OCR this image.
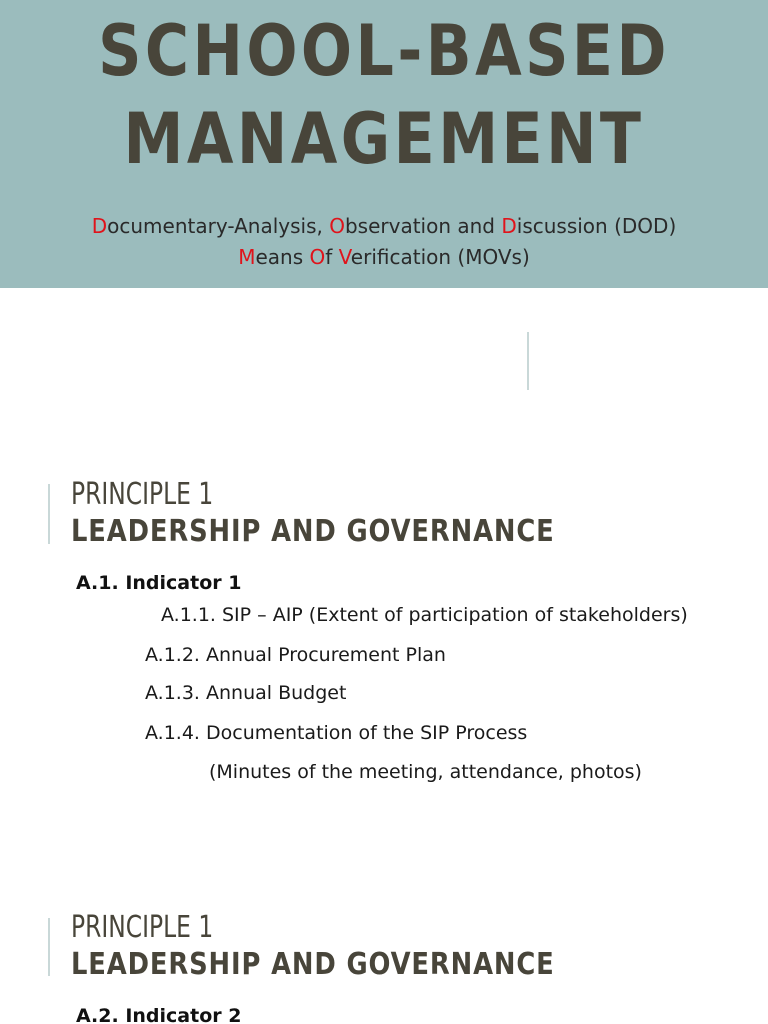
SCHOOL-BASED
MANAGEMENT
Documentary-Analysis, Observation and Discussion (DOD)
Means Of Verification (MOVs)
PRINCIPLE 1
LEADERSHIP AND GOVERNANCE
A.1. Indicator 1
A.1.1. SIP – AIP (Extent of participation of stakeholders)
A.1.2. Annual Procurement Plan
A.1.3. Annual Budget
A.1.4. Documentation of the SIP Process
(Minutes of the meeting, attendance, photos)
PRINCIPLE 1
LEADERSHIP AND GOVERNANCE
A.2. Indicator 2
